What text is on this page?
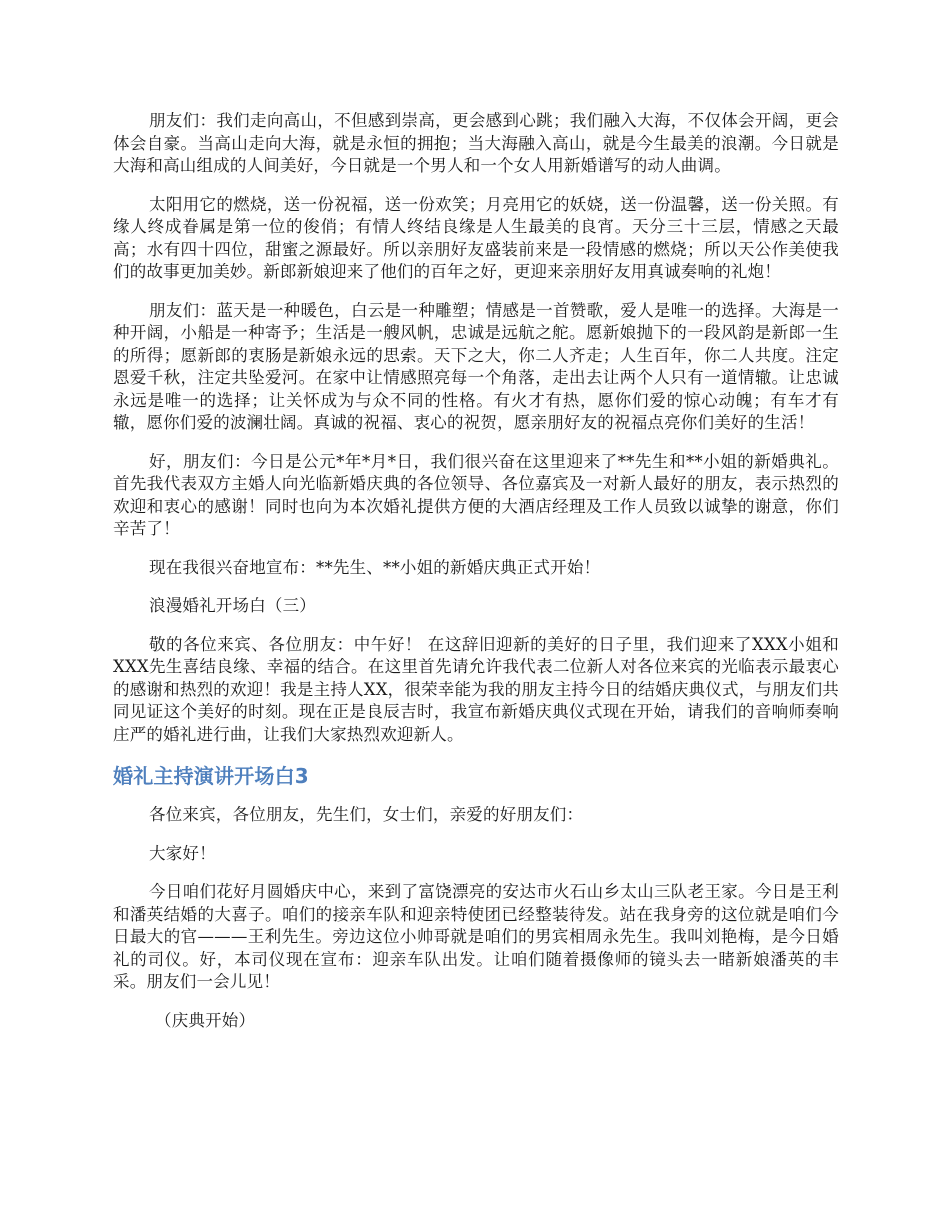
朋友们：我们走向高山，不但感到崇高，更会感到心跳；我们融入大海，不仅体会开阔，更会体会自豪。当高山走向大海，就是永恒的拥抱；当大海融入高山，就是今生最美的浪潮。今日就是大海和高山组成的人间美好，今日就是一个男人和一个女人用新婚谱写的动人曲调。

太阳用它的燃烧，送一份祝福，送一份欢笑；月亮用它的妖娆，送一份温馨，送一份关照。有缘人终成眷属是第一位的俊俏；有情人终结良缘是人生最美的良宵。天分三十三层，情感之天最高；水有四十四位，甜蜜之源最好。所以亲朋好友盛装前来是一段情感的燃烧；所以天公作美使我们的故事更加美妙。新郎新娘迎来了他们的百年之好，更迎来亲朋好友用真诚奏响的礼炮！

朋友们：蓝天是一种暖色，白云是一种雕塑；情感是一首赞歌，爱人是唯一的选择。大海是一种开阔，小船是一种寄予；生活是一艘风帆，忠诚是远航之舵。愿新娘抛下的一段风韵是新郎一生的所得；愿新郎的衷肠是新娘永远的思索。天下之大，你二人齐走；人生百年，你二人共度。注定恩爱千秋，注定共坠爱河。在家中让情感照亮每一个角落，走出去让两个人只有一道情辙。让忠诚永远是唯一的选择；让关怀成为与众不同的性格。有火才有热，愿你们爱的惊心动魄；有车才有辙，愿你们爱的波澜壮阔。真诚的祝福、衷心的祝贺，愿亲朋好友的祝福点亮你们美好的生活！

好，朋友们：今日是公元*年*月*日，我们很兴奋在这里迎来了**先生和**小姐的新婚典礼。首先我代表双方主婚人向光临新婚庆典的各位领导、各位嘉宾及一对新人最好的朋友，表示热烈的欢迎和衷心的感谢！同时也向为本次婚礼提供方便的大酒店经理及工作人员致以诚挚的谢意，你们辛苦了！

现在我很兴奋地宣布：**先生、**小姐的新婚庆典正式开始！

浪漫婚礼开场白（三）

敬的各位来宾、各位朋友：中午好！ 在这辞旧迎新的美好的日子里，我们迎来了XXX小姐和XXX先生喜结良缘、幸福的结合。在这里首先请允许我代表二位新人对各位来宾的光临表示最衷心的感谢和热烈的欢迎！我是主持人XX，很荣幸能为我的朋友主持今日的结婚庆典仪式，与朋友们共同见证这个美好的时刻。现在正是良辰吉时，我宣布新婚庆典仪式现在开始，请我们的音响师奏响庄严的婚礼进行曲，让我们大家热烈欢迎新人。

婚礼主持演讲开场白3

各位来宾，各位朋友，先生们，女士们，亲爱的好朋友们：

大家好！

今日咱们花好月圆婚庆中心，来到了富饶漂亮的安达市火石山乡太山三队老王家。今日是王利和潘英结婚的大喜子。咱们的接亲车队和迎亲特使团已经整装待发。站在我身旁的这位就是咱们今日最大的官———王利先生。旁边这位小帅哥就是咱们的男宾相周永先生。我叫刘艳梅，是今日婚礼的司仪。好，本司仪现在宣布：迎亲车队出发。让咱们随着摄像师的镜头去一睹新娘潘英的丰采。朋友们一会儿见！

（庆典开始）
